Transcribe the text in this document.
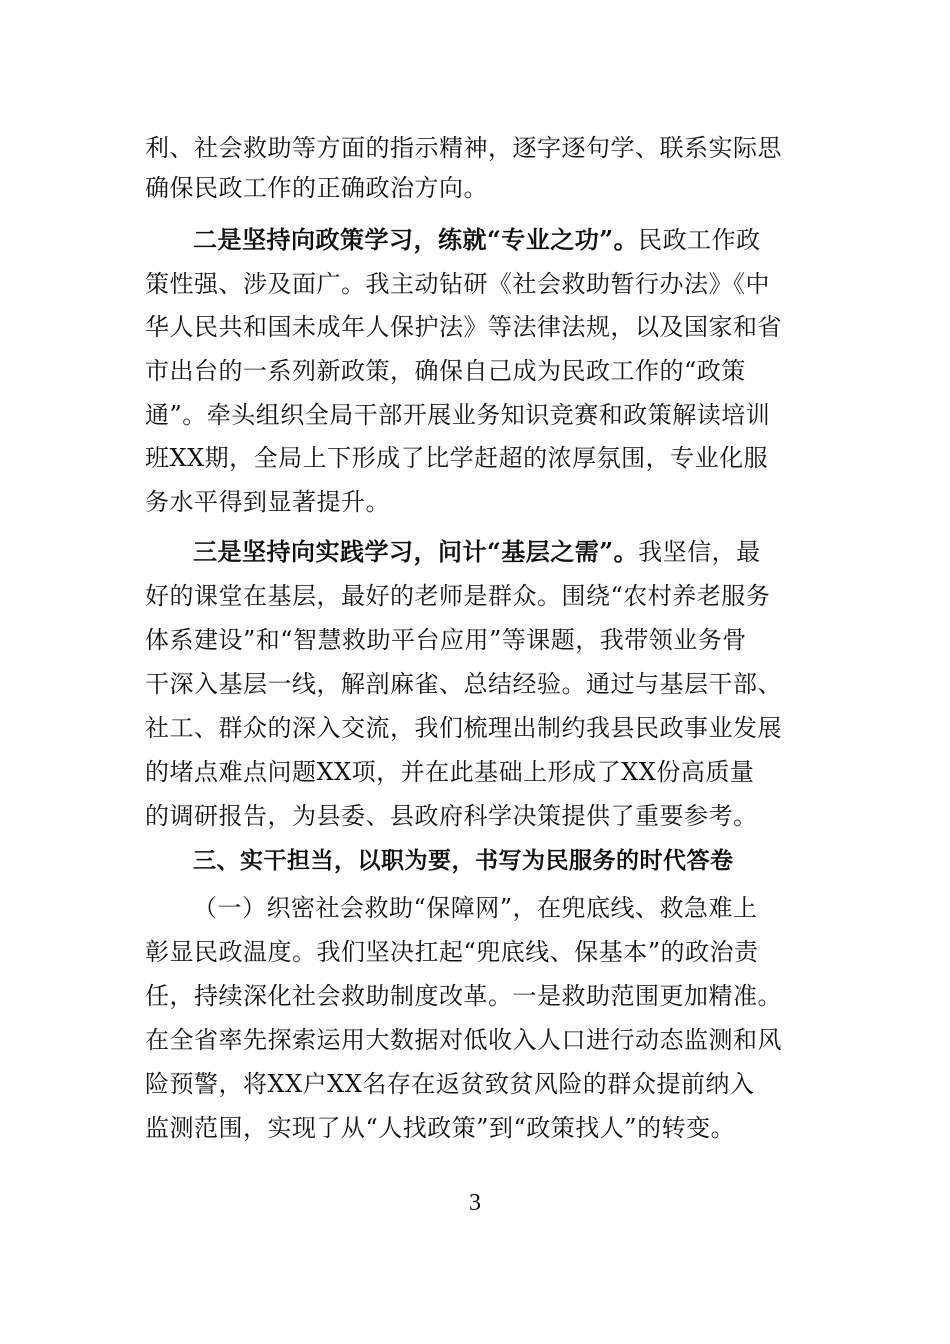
利、社会救助等方面的指示精神，逐字逐句学、联系实际思
确保民政工作的正确政治方向。
二是坚持向政策学习，练就“专业之功”。民政工作政
策性强、涉及面广。我主动钻研《社会救助暂行办法》《中
华人民共和国未成年人保护法》等法律法规，以及国家和省
市出台的一系列新政策，确保自己成为民政工作的“政策
通”。牵头组织全局干部开展业务知识竞赛和政策解读培训
班XX期，全局上下形成了比学赶超的浓厚氛围，专业化服
务水平得到显著提升。
三是坚持向实践学习，问计“基层之需”。我坚信，最
好的课堂在基层，最好的老师是群众。围绕“农村养老服务
体系建设”和“智慧救助平台应用”等课题，我带领业务骨
干深入基层一线，解剖麻雀、总结经验。通过与基层干部、
社工、群众的深入交流，我们梳理出制约我县民政事业发展
的堵点难点问题XX项，并在此基础上形成了XX份高质量
的调研报告，为县委、县政府科学决策提供了重要参考。
三、实干担当，以职为要，书写为民服务的时代答卷
（一）织密社会救助“保障网”，在兜底线、救急难上
彰显民政温度。我们坚决扛起“兜底线、保基本”的政治责
任，持续深化社会救助制度改革。一是救助范围更加精准。
在全省率先探索运用大数据对低收入人口进行动态监测和风
险预警，将XX户XX名存在返贫致贫风险的群众提前纳入
监测范围，实现了从“人找政策”到“政策找人”的转变。
3
